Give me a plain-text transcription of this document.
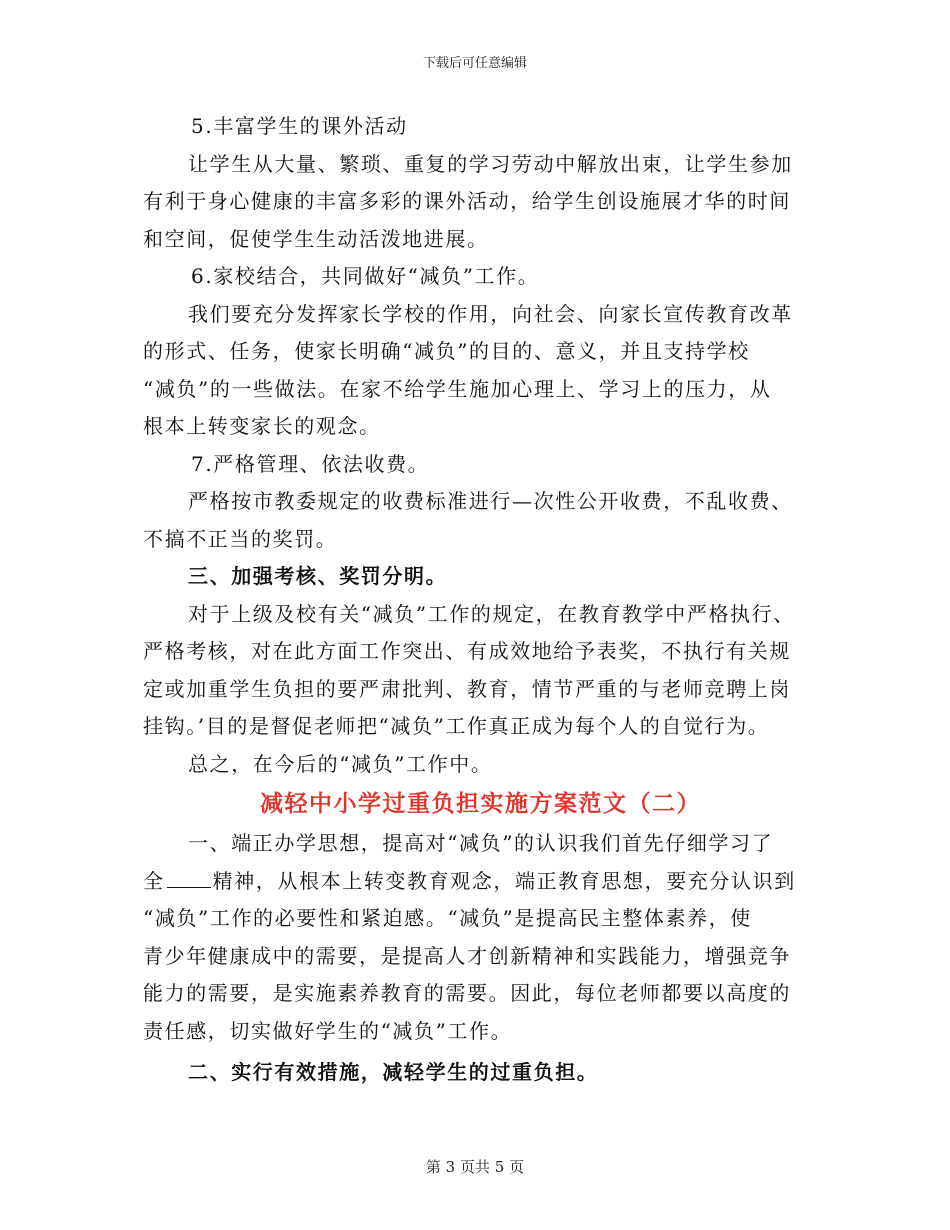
下载后可任意编辑
5.丰富学生的课外活动
让学生从大量、繁琐、重复的学习劳动中解放出束，让学生参加
有利于身心健康的丰富多彩的课外活动，给学生创设施展才华的时间
和空间，促使学生生动活泼地进展。
6.家校结合，共同做好“减负”工作。
我们要充分发挥家长学校的作用，向社会、向家长宣传教育改革
的形式、任务，使家长明确“减负”的目的、意义，并且支持学校
“减负”的一些做法。在家不给学生施加心理上、学习上的压力，从
根本上转变家长的观念。
7.严格管理、依法收费。
严格按市教委规定的收费标准进行—次性公开收费，不乱收费、
不搞不正当的奖罚。
三、加强考核、奖罚分明。
对于上级及校有关“减负”工作的规定，在教育教学中严格执行、
严格考核，对在此方面工作突出、有成效地给予表奖，不执行有关规
定或加重学生负担的要严肃批判、教育，情节严重的与老师竞聘上岗
挂钩。’目的是督促老师把“减负”工作真正成为每个人的自觉行为。
总之，在今后的“减负”工作中。
减轻中小学过重负担实施方案范文（二）
一、端正办学思想，提高对“减负”的认识我们首先仔细学习了
全 精神，从根本上转变教育观念，端正教育思想，要充分认识到
“减负”工作的必要性和紧迫感。“减负”是提高民主整体素养，使
青少年健康成中的需要，是提高人才创新精神和实践能力，增强竞争
能力的需要，是实施素养教育的需要。因此，每位老师都要以高度的
责任感，切实做好学生的“减负”工作。
二、实行有效措施，减轻学生的过重负担。
第 3 页共 5 页
